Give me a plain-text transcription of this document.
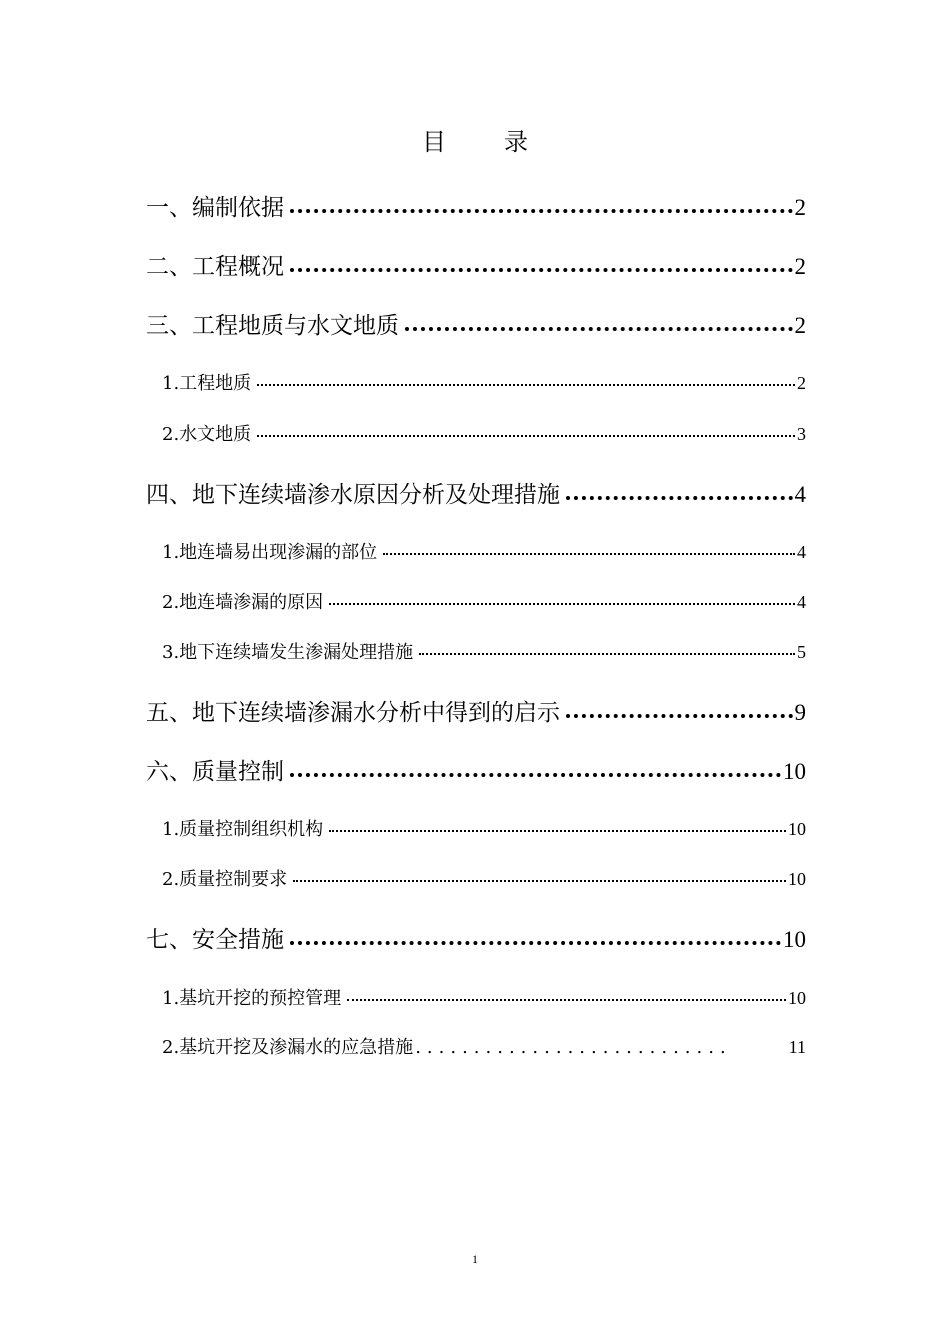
目 录
一、编制依据	2
二、工程概况	2
三、工程地质与水文地质	2
1.工程地质	2
2.水文地质	3
四、地下连续墙渗水原因分析及处理措施	4
1.地连墙易出现渗漏的部位	4
2.地连墙渗漏的原因	4
3.地下连续墙发生渗漏处理措施	5
五、地下连续墙渗漏水分析中得到的启示	9
六、质量控制	10
1.质量控制组织机构	10
2.质量控制要求	10
七、安全措施	10
1.基坑开挖的预控管理	10
2.基坑开挖及渗漏水的应急措施 ...........................	11
1
